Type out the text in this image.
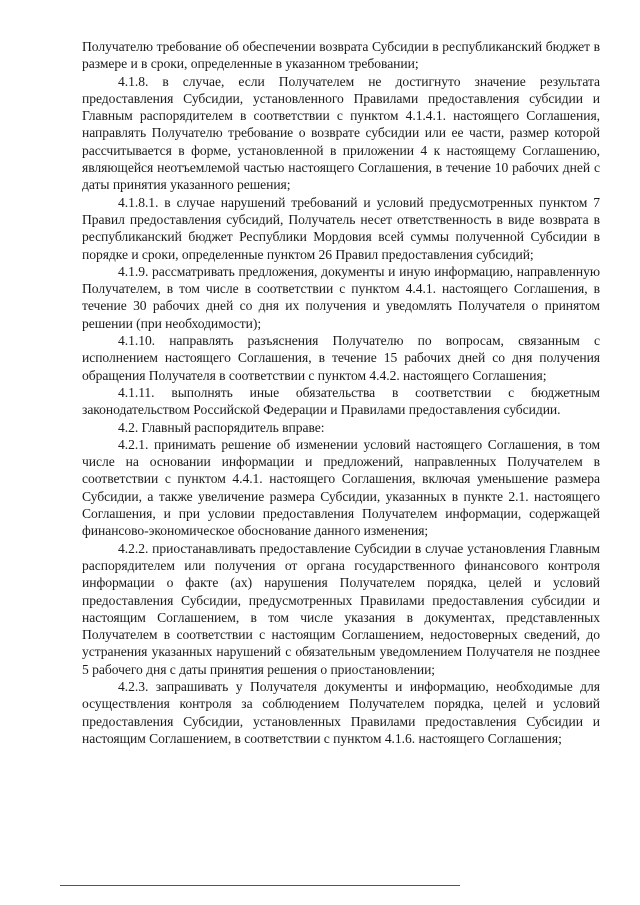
Получателю требование об обеспечении возврата Субсидии в республиканский бюджет в размере и в сроки, определенные в указанном требовании;

4.1.8. в случае, если Получателем не достигнуто значение результата предоставления Субсидии, установленного Правилами предоставления субсидии и Главным распорядителем в соответствии с пунктом 4.1.4.1. настоящего Соглашения, направлять Получателю требование о возврате субсидии или ее части, размер которой рассчитывается в форме, установленной в приложении 4 к настоящему Соглашению, являющейся неотъемлемой частью настоящего Соглашения, в течение 10 рабочих дней с даты принятия указанного решения;

4.1.8.1. в случае нарушений требований и условий предусмотренных пунктом 7 Правил предоставления субсидий, Получатель несет ответственность в виде возврата в республиканский бюджет Республики Мордовия всей суммы полученной Субсидии в порядке и сроки, определенные пунктом 26 Правил предоставления субсидий;

4.1.9. рассматривать предложения, документы и иную информацию, направленную Получателем, в том числе в соответствии с пунктом 4.4.1. настоящего Соглашения, в течение 30 рабочих дней со дня их получения и уведомлять Получателя о принятом решении (при необходимости);

4.1.10. направлять разъяснения Получателю по вопросам, связанным с исполнением настоящего Соглашения, в течение 15 рабочих дней со дня получения обращения Получателя в соответствии с пунктом 4.4.2. настоящего Соглашения;

4.1.11. выполнять иные обязательства в соответствии с бюджетным законодательством Российской Федерации и Правилами предоставления субсидии.

4.2. Главный распорядитель вправе:

4.2.1. принимать решение об изменении условий настоящего Соглашения, в том числе на основании информации и предложений, направленных Получателем в соответствии с пунктом 4.4.1. настоящего Соглашения, включая уменьшение размера Субсидии, а также увеличение размера Субсидии, указанных в пункте 2.1. настоящего Соглашения, и при условии предоставления Получателем информации, содержащей финансово-экономическое обоснование данного изменения;

4.2.2. приостанавливать предоставление Субсидии в случае установления Главным распорядителем или получения от органа государственного финансового контроля информации о факте (ах) нарушения Получателем порядка, целей и условий предоставления Субсидии, предусмотренных Правилами предоставления субсидии и настоящим Соглашением, в том числе указания в документах, представленных Получателем в соответствии с настоящим Соглашением, недостоверных сведений, до устранения указанных нарушений с обязательным уведомлением Получателя не позднее 5 рабочего дня с даты принятия решения о приостановлении;

4.2.3. запрашивать у Получателя документы и информацию, необходимые для осуществления контроля за соблюдением Получателем порядка, целей и условий предоставления Субсидии, установленных Правилами предоставления Субсидии и настоящим Соглашением, в соответствии с пунктом 4.1.6. настоящего Соглашения;
